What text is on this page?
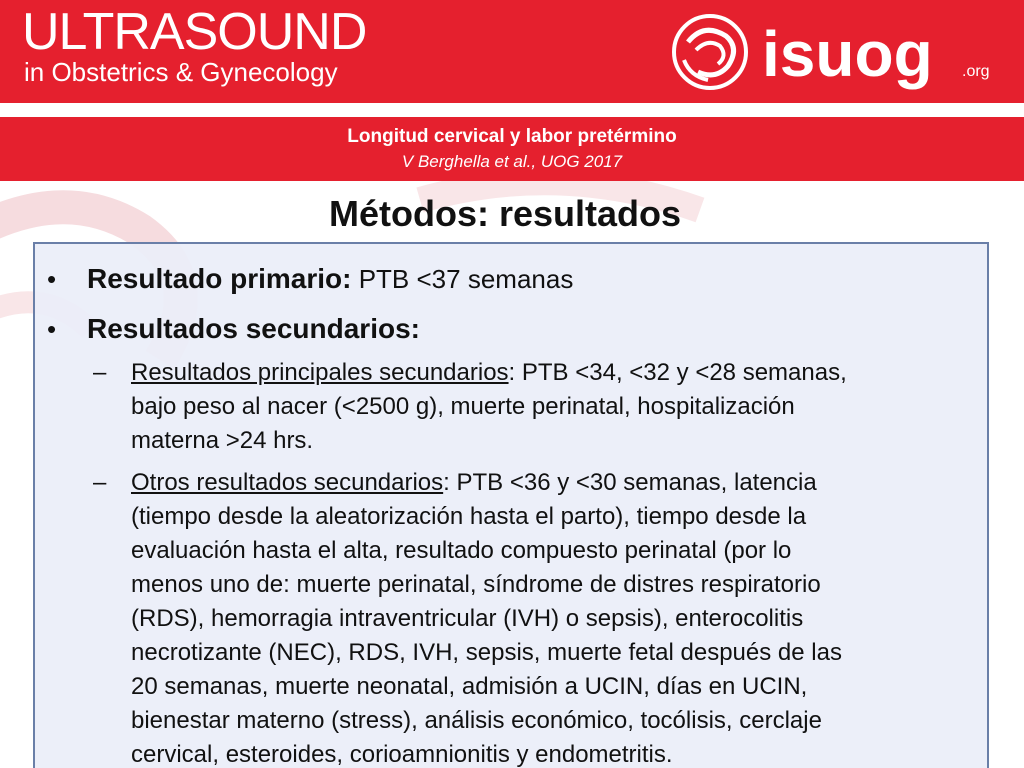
ULTRASOUND
in Obstetrics & Gynecology	isuog .org
Longitud cervical y labor pretérmino
V Berghella et al., UOG 2017
Métodos: resultados
• Resultado primario: PTB <37 semanas
• Resultados secundarios:
–	Resultados principales secundarios: PTB <34, <32 y <28 semanas,
bajo peso al nacer (<2500 g), muerte perinatal, hospitalización
materna >24 hrs.
–	Otros resultados secundarios: PTB <36 y <30 semanas, latencia
(tiempo desde la aleatorización hasta el parto), tiempo desde la
evaluación hasta el alta, resultado compuesto perinatal (por lo
menos uno de: muerte perinatal, síndrome de distres respiratorio
(RDS), hemorragia intraventricular (IVH) o sepsis), enterocolitis
necrotizante (NEC), RDS, IVH, sepsis, muerte fetal después de las
20 semanas, muerte neonatal, admisión a UCIN, días en UCIN,
bienestar materno (stress), análisis económico, tocólisis, cerclaje
cervical, esteroides, corioamnionitis y endometritis.
